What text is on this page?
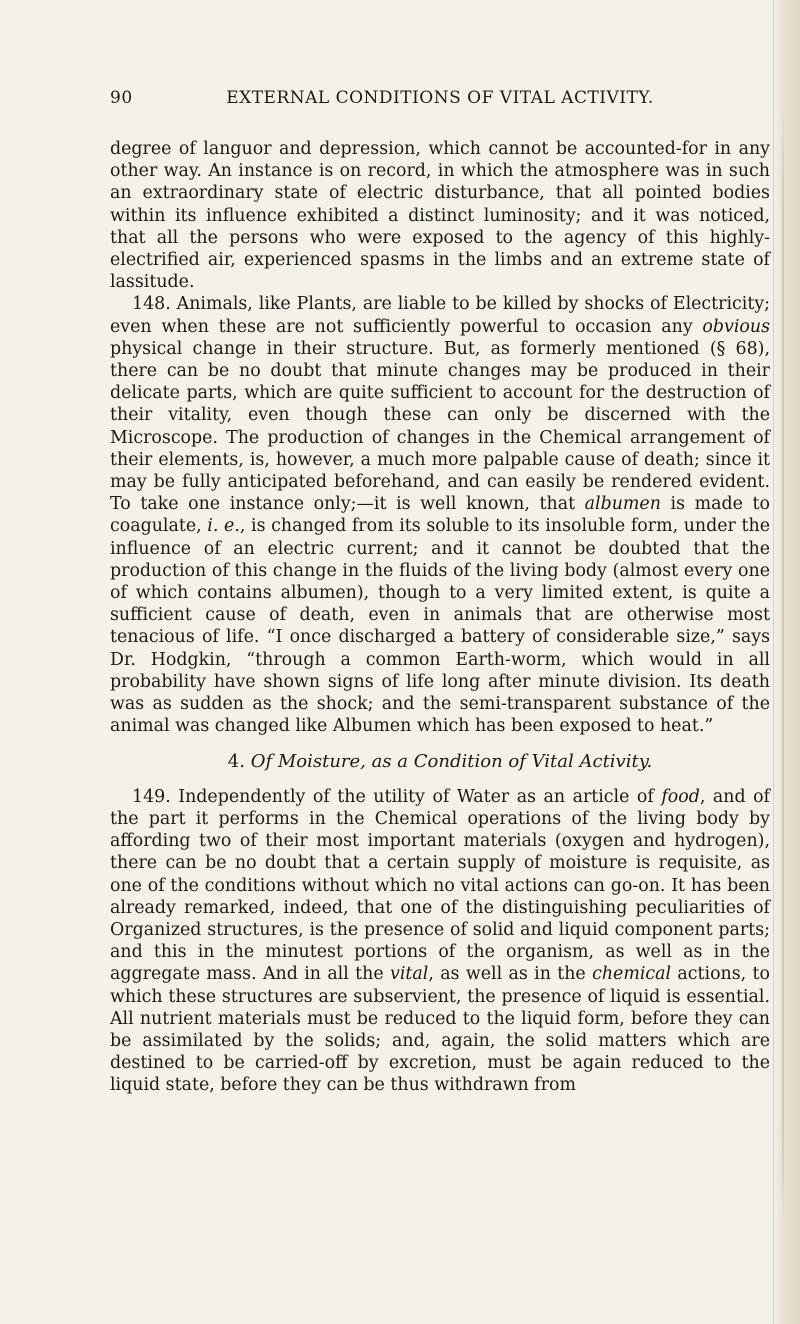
90	EXTERNAL CONDITIONS OF VITAL ACTIVITY.

degree of languor and depression, which cannot be accounted-for in any other way. An instance is on record, in which the atmosphere was in such an extraordinary state of electric disturbance, that all pointed bodies within its influence exhibited a distinct luminosity; and it was noticed, that all the persons who were exposed to the agency of this highly-electrified air, experienced spasms in the limbs and an extreme state of lassitude.

148. Animals, like Plants, are liable to be killed by shocks of Electricity; even when these are not sufficiently powerful to occasion any obvious physical change in their structure. But, as formerly mentioned (§ 68), there can be no doubt that minute changes may be produced in their delicate parts, which are quite sufficient to account for the destruction of their vitality, even though these can only be discerned with the Microscope. The production of changes in the Chemical arrangement of their elements, is, however, a much more palpable cause of death; since it may be fully anticipated beforehand, and can easily be rendered evident. To take one instance only;—it is well known, that albumen is made to coagulate, i. e., is changed from its soluble to its insoluble form, under the influence of an electric current; and it cannot be doubted that the production of this change in the fluids of the living body (almost every one of which contains albumen), though to a very limited extent, is quite a sufficient cause of death, even in animals that are otherwise most tenacious of life. “I once discharged a battery of considerable size,” says Dr. Hodgkin, “through a common Earth-worm, which would in all probability have shown signs of life long after minute division. Its death was as sudden as the shock; and the semi-transparent substance of the animal was changed like Albumen which has been exposed to heat.”

4. Of Moisture, as a Condition of Vital Activity.

149. Independently of the utility of Water as an article of food, and of the part it performs in the Chemical operations of the living body by affording two of their most important materials (oxygen and hydrogen), there can be no doubt that a certain supply of moisture is requisite, as one of the conditions without which no vital actions can go-on. It has been already remarked, indeed, that one of the distinguishing peculiarities of Organized structures, is the presence of solid and liquid component parts; and this in the minutest portions of the organism, as well as in the aggregate mass. And in all the vital, as well as in the chemical actions, to which these structures are subservient, the presence of liquid is essential. All nutrient materials must be reduced to the liquid form, before they can be assimilated by the solids; and, again, the solid matters which are destined to be carried-off by excretion, must be again reduced to the liquid state, before they can be thus withdrawn from
